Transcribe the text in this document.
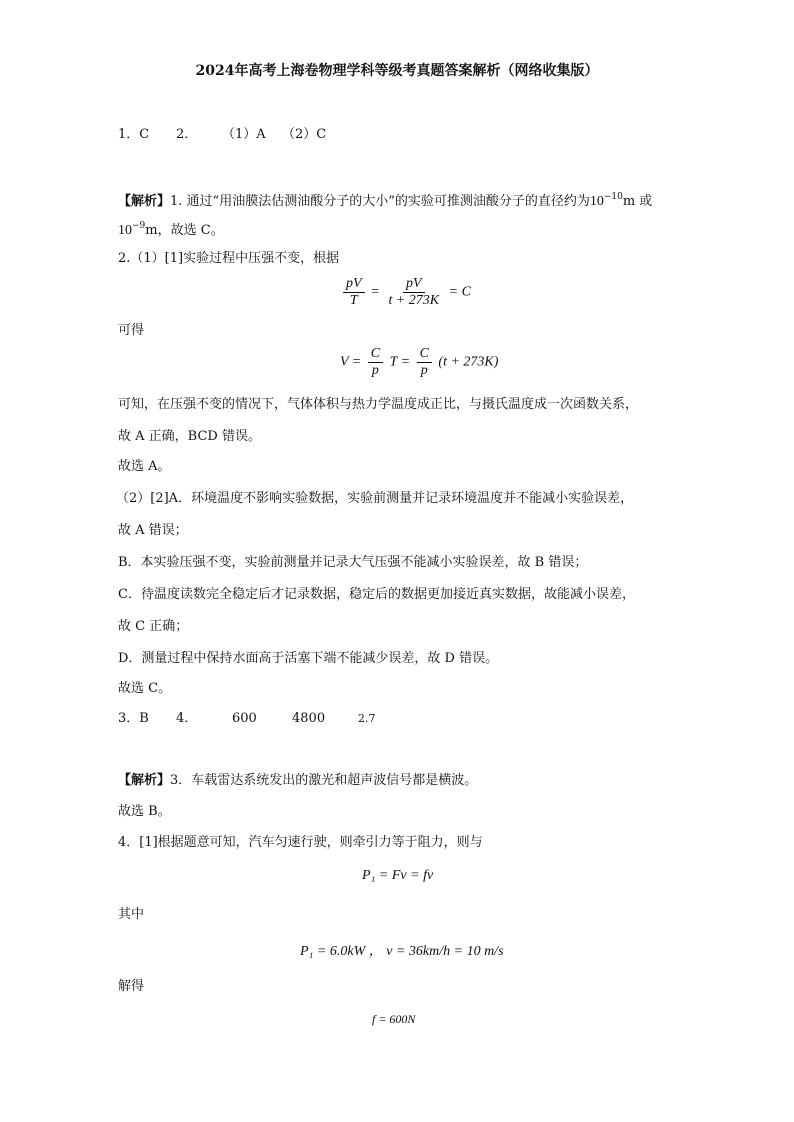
2024年高考上海卷物理学科等级考真题答案解析（网络收集版）
1．C 2． （1）A （2）C
【解析】1. 通过“用油膜法估测油酸分子的大小”的实验可推测油酸分子的直径约为$10^{-10}m$ 或
$10^{-9}m$，故选 C。
2.（1）[1]实验过程中压强不变，根据
$\frac{pV}{T} = \frac{pV}{t + 273K} = C$
可得
$V = \frac{C}{p}$ $T = \frac{C}{p} (t + 273K)$
可知，在压强不变的情况下，气体体积与热力学温度成正比，与摄氏温度成一次函数关系，
故 A 正确，BCD 错误。
故选 A。
（2）[2]A．环境温度不影响实验数据，实验前测量并记录环境温度并不能减小实验误差，
故 A 错误；
B．本实验压强不变，实验前测量并记录大气压强不能减小实验误差，故 B 错误；
C．待温度读数完全稳定后才记录数据，稳定后的数据更加接近真实数据，故能减小误差，
故 C 正确；
D．测量过程中保持水面高于活塞下端不能减少误差，故 D 错误。
故选 C。
3．B 4．	600	4800	2.7
【解析】3．车载雷达系统发出的激光和超声波信号都是横波。
故选 B。
4．[1]根据题意可知，汽车匀速行驶，则牵引力等于阻力，则与
P₁ = Fv = fv
其中
P₁ = 6.0kW ， v = 36km/h = 10 m/s
解得
f = 600N
